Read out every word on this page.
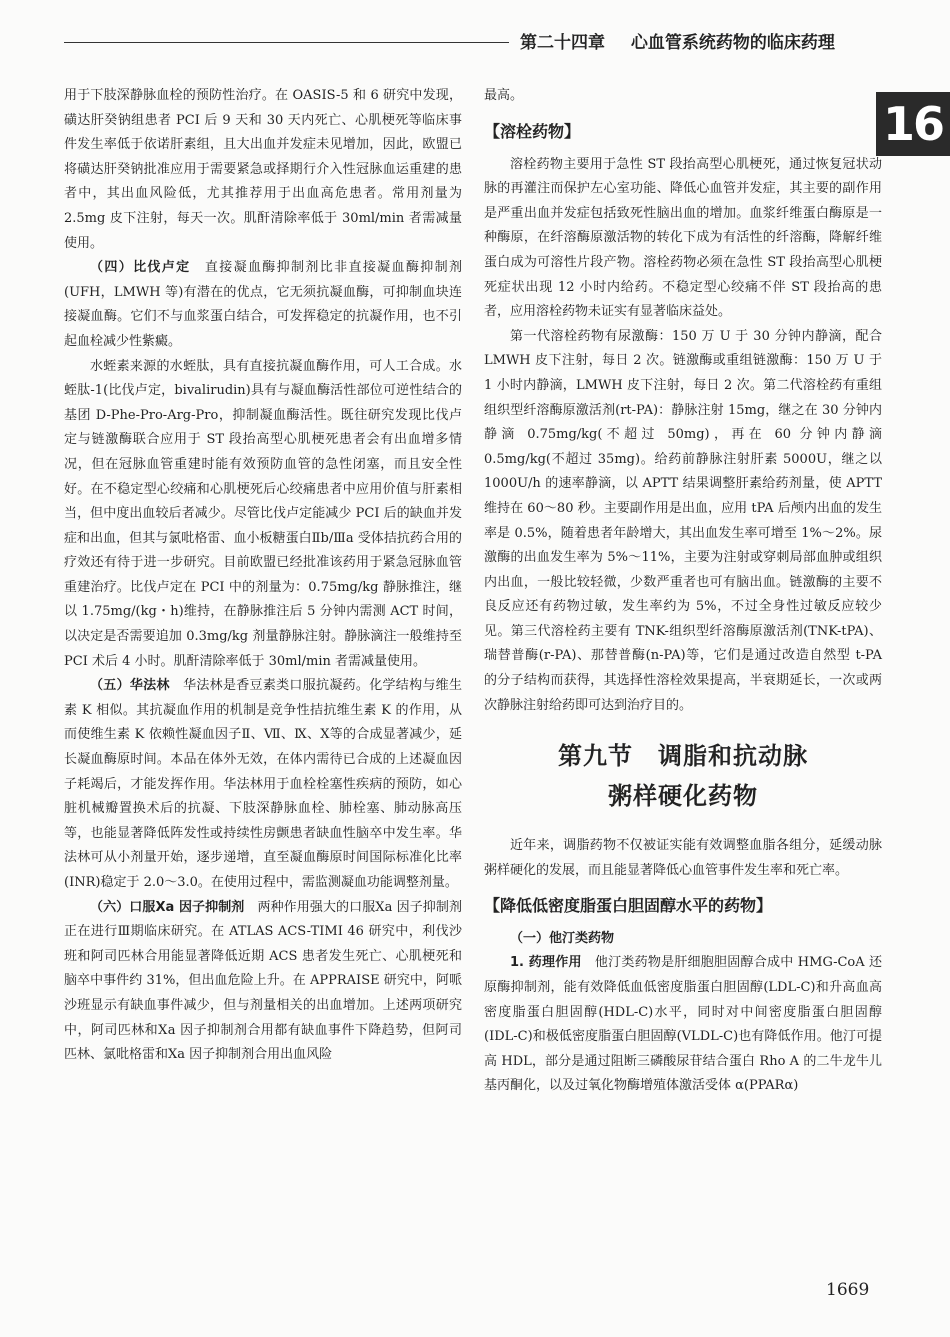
第二十四章 心血管系统药物的临床药理
16

用于下肢深静脉血栓的预防性治疗。在 OASIS-5 和 6 研究中发现，磺达肝癸钠组患者 PCI 后 9 天和 30 天内死亡、心肌梗死等临床事件发生率低于依诺肝素组，且大出血并发症未见增加，因此，欧盟已将磺达肝癸钠批准应用于需要紧急或择期行介入性冠脉血运重建的患者中，其出血风险低，尤其推荐用于出血高危患者。常用剂量为 2.5mg 皮下注射，每天一次。肌酐清除率低于 30ml/min 者需减量使用。

（四）比伐卢定　 直接凝血酶抑制剂比非直接凝血酶抑制剂(UFH，LMWH 等)有潜在的优点，它无须抗凝血酶，可抑制血块连接凝血酶。它们不与血浆蛋白结合，可发挥稳定的抗凝作用，也不引起血栓减少性紫癜。

水蛭素来源的水蛭肽，具有直接抗凝血酶作用，可人工合成。水蛭肽-1(比伐卢定，bivalirudin)具有与凝血酶活性部位可逆性结合的基团 D-Phe-Pro-Arg-Pro，抑制凝血酶活性。既往研究发现比伐卢定与链激酶联合应用于 ST 段抬高型心肌梗死患者会有出血增多情况，但在冠脉血管重建时能有效预防血管的急性闭塞，而且安全性好。在不稳定型心绞痛和心肌梗死后心绞痛患者中应用价值与肝素相当，但中度出血较后者减少。尽管比伐卢定能减少 PCI 后的缺血并发症和出血，但其与氯吡格雷、血小板糖蛋白Ⅱb/Ⅲa 受体拮抗药合用的疗效还有待于进一步研究。目前欧盟已经批准该药用于紧急冠脉血管重建治疗。比伐卢定在 PCI 中的剂量为：0.75mg/kg 静脉推注，继以 1.75mg/(kg・h)维持，在静脉推注后 5 分钟内需测 ACT 时间，以决定是否需要追加 0.3mg/kg 剂量静脉注射。静脉滴注一般维持至 PCI 术后 4 小时。肌酐清除率低于 30ml/min 者需减量使用。

（五）华法林　 华法林是香豆素类口服抗凝药。化学结构与维生素 K 相似。其抗凝血作用的机制是竞争性拮抗维生素 K 的作用，从而使维生素 K 依赖性凝血因子Ⅱ、Ⅶ、Ⅸ、Ⅹ等的合成显著减少，延长凝血酶原时间。本品在体外无效，在体内需待已合成的上述凝血因子耗竭后，才能发挥作用。华法林用于血栓栓塞性疾病的预防，如心脏机械瓣置换术后的抗凝、下肢深静脉血栓、肺栓塞、肺动脉高压等，也能显著降低阵发性或持续性房颤患者缺血性脑卒中发生率。华法林可从小剂量开始，逐步递增，直至凝血酶原时间国际标准化比率(INR)稳定于 2.0～3.0。在使用过程中，需监测凝血功能调整剂量。

（六）口服Ⅹa 因子抑制剂　 两种作用强大的口服Ⅹa 因子抑制剂正在进行Ⅲ期临床研究。在 ATLAS ACS-TIMI 46 研究中，利伐沙班和阿司匹林合用能显著降低近期 ACS 患者发生死亡、心肌梗死和脑卒中事件约 31%，但出血危险上升。在 APPRAISE 研究中，阿哌沙班显示有缺血事件减少，但与剂量相关的出血增加。上述两项研究中，阿司匹林和Ⅹa 因子抑制剂合用都有缺血事件下降趋势，但阿司匹林、氯吡格雷和Ⅹa 因子抑制剂合用出血风险

最高。

【溶栓药物】

溶栓药物主要用于急性 ST 段抬高型心肌梗死，通过恢复冠状动脉的再灌注而保护左心室功能、降低心血管并发症，其主要的副作用是严重出血并发症包括致死性脑出血的增加。血浆纤维蛋白酶原是一种酶原，在纤溶酶原激活物的转化下成为有活性的纤溶酶，降解纤维蛋白成为可溶性片段产物。溶栓药物必须在急性 ST 段抬高型心肌梗死症状出现 12 小时内给药。不稳定型心绞痛不伴 ST 段抬高的患者，应用溶栓药物未证实有显著临床益处。

第一代溶栓药物有尿激酶：150 万 U 于 30 分钟内静滴，配合 LMWH 皮下注射，每日 2 次。链激酶或重组链激酶：150 万 U 于 1 小时内静滴，LMWH 皮下注射，每日 2 次。第二代溶栓药有重组组织型纤溶酶原激活剂(rt-PA)：静脉注射 15mg，继之在 30 分钟内静滴 0.75mg/kg(不超过 50mg)，再在 60 分钟内静滴 0.5mg/kg(不超过 35mg)。给药前静脉注射肝素 5000U，继之以 1000U/h 的速率静滴，以 APTT 结果调整肝素给药剂量，使 APTT 维持在 60～80 秒。主要副作用是出血，应用 tPA 后颅内出血的发生率是 0.5%，随着患者年龄增大，其出血发生率可增至 1%～2%。尿激酶的出血发生率为 5%～11%，主要为注射或穿刺局部血肿或组织内出血，一般比较轻微，少数严重者也可有脑出血。链激酶的主要不良反应还有药物过敏，发生率约为 5%，不过全身性过敏反应较少见。第三代溶栓药主要有 TNK-组织型纤溶酶原激活剂(TNK-tPA)、瑞替普酶(r-PA)、那替普酶(n-PA)等，它们是通过改造自然型 t-PA 的分子结构而获得，其选择性溶栓效果提高，半衰期延长，一次或两次静脉注射给药即可达到治疗目的。

第九节　调脂和抗动脉
粥样硬化药物

近年来，调脂药物不仅被证实能有效调整血脂各组分，延缓动脉粥样硬化的发展，而且能显著降低心血管事件发生率和死亡率。

【降低低密度脂蛋白胆固醇水平的药物】
（一）他汀类药物

1. 药理作用　 他汀类药物是肝细胞胆固醇合成中 HMG-CoA 还原酶抑制剂，能有效降低血低密度脂蛋白胆固醇(LDL-C)和升高血高密度脂蛋白胆固醇(HDL-C)水平，同时对中间密度脂蛋白胆固醇(IDL-C)和极低密度脂蛋白胆固醇(VLDL-C)也有降低作用。他汀可提高 HDL，部分是通过阻断三磷酸尿苷结合蛋白 Rho A 的二牛龙牛儿基丙酮化，以及过氧化物酶增殖体激活受体 α(PPARα)

1669
